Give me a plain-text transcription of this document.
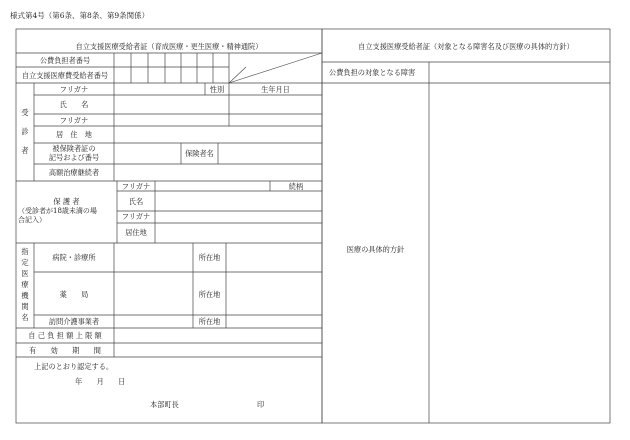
様式第4号（第6条、第8条、第9条関係）
自立支援医療受給者証（育成医療・更生医療・精神通院）
公費負担者番号
自立支援医療費受給者番号
受
診
者
フリガナ	性別	生年月日
氏　　名
フリガナ
居　住　地
被保険者証の
記号および番号	保険者名
高額治療継続者
保 護 者
（受診者が18歳未満の場
合記入）
フリガナ	続柄
氏名
フリガナ
居住地
指
定
医
療
機
関
名
病院・診療所	所在地
薬　　局	所在地
訪問介護事業者	所在地
自 己 負 担 額 上 限 額
有　　効　　期　　間
上記のとおり認定する。
年　　月　　日
本部町長	印
自立支援医療受給者証（対象となる障害名及び医療の具体的方針）
公費負担の対象となる障害
医療の具体的方針
